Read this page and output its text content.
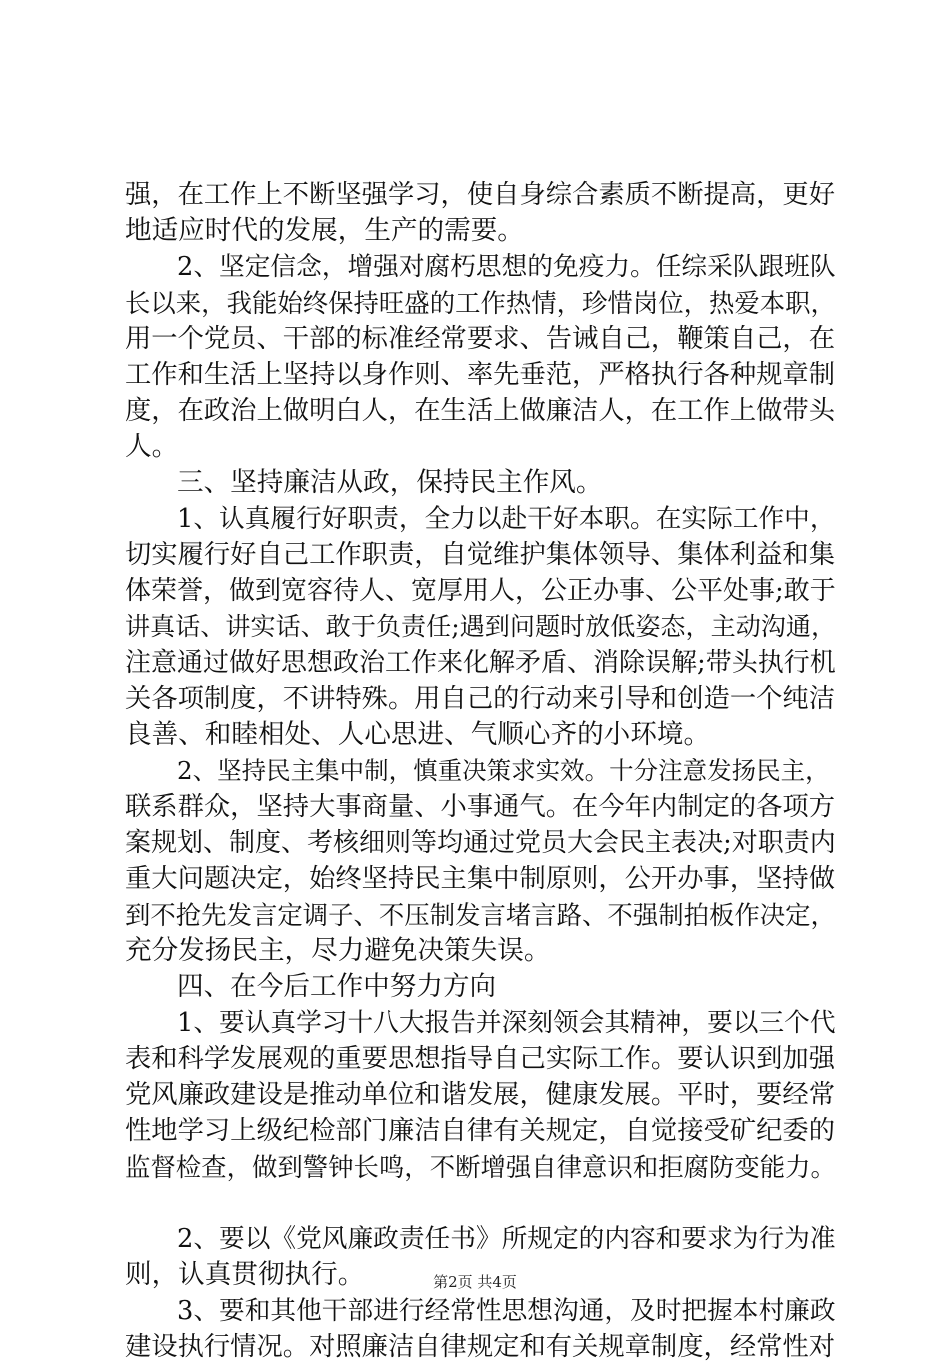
强，在工作上不断坚强学习，使自身综合素质不断提高，更好
地适应时代的发展，生产的需要。
2、坚定信念，增强对腐朽思想的免疫力。任综采队跟班队
长以来，我能始终保持旺盛的工作热情，珍惜岗位，热爱本职，
用一个党员、干部的标准经常要求、告诫自己，鞭策自己，在
工作和生活上坚持以身作则、率先垂范，严格执行各种规章制
度，在政治上做明白人，在生活上做廉洁人，在工作上做带头
人。
三、坚持廉洁从政，保持民主作风。
1、认真履行好职责，全力以赴干好本职。在实际工作中，
切实履行好自己工作职责，自觉维护集体领导、集体利益和集
体荣誉，做到宽容待人、宽厚用人，公正办事、公平处事;敢于
讲真话、讲实话、敢于负责任;遇到问题时放低姿态，主动沟通，
注意通过做好思想政治工作来化解矛盾、消除误解;带头执行机
关各项制度，不讲特殊。用自己的行动来引导和创造一个纯洁
良善、和睦相处、人心思进、气顺心齐的小环境。
2、坚持民主集中制，慎重决策求实效。十分注意发扬民主，
联系群众，坚持大事商量、小事通气。在今年内制定的各项方
案规划、制度、考核细则等均通过党员大会民主表决;对职责内
重大问题决定，始终坚持民主集中制原则，公开办事，坚持做
到不抢先发言定调子、不压制发言堵言路、不强制拍板作决定，
充分发扬民主，尽力避免决策失误。
四、在今后工作中努力方向
1、要认真学习十八大报告并深刻领会其精神，要以三个代
表和科学发展观的重要思想指导自己实际工作。要认识到加强
党风廉政建设是推动单位和谐发展，健康发展。平时，要经常
性地学习上级纪检部门廉洁自律有关规定，自觉接受矿纪委的
监督检查，做到警钟长鸣，不断增强自律意识和拒腐防变能力。
2、要以《党风廉政责任书》所规定的内容和要求为行为准
则，认真贯彻执行。
3、要和其他干部进行经常性思想沟通，及时把握本村廉政
建设执行情况。对照廉洁自律规定和有关规章制度，经常性对
第2页 共4页
